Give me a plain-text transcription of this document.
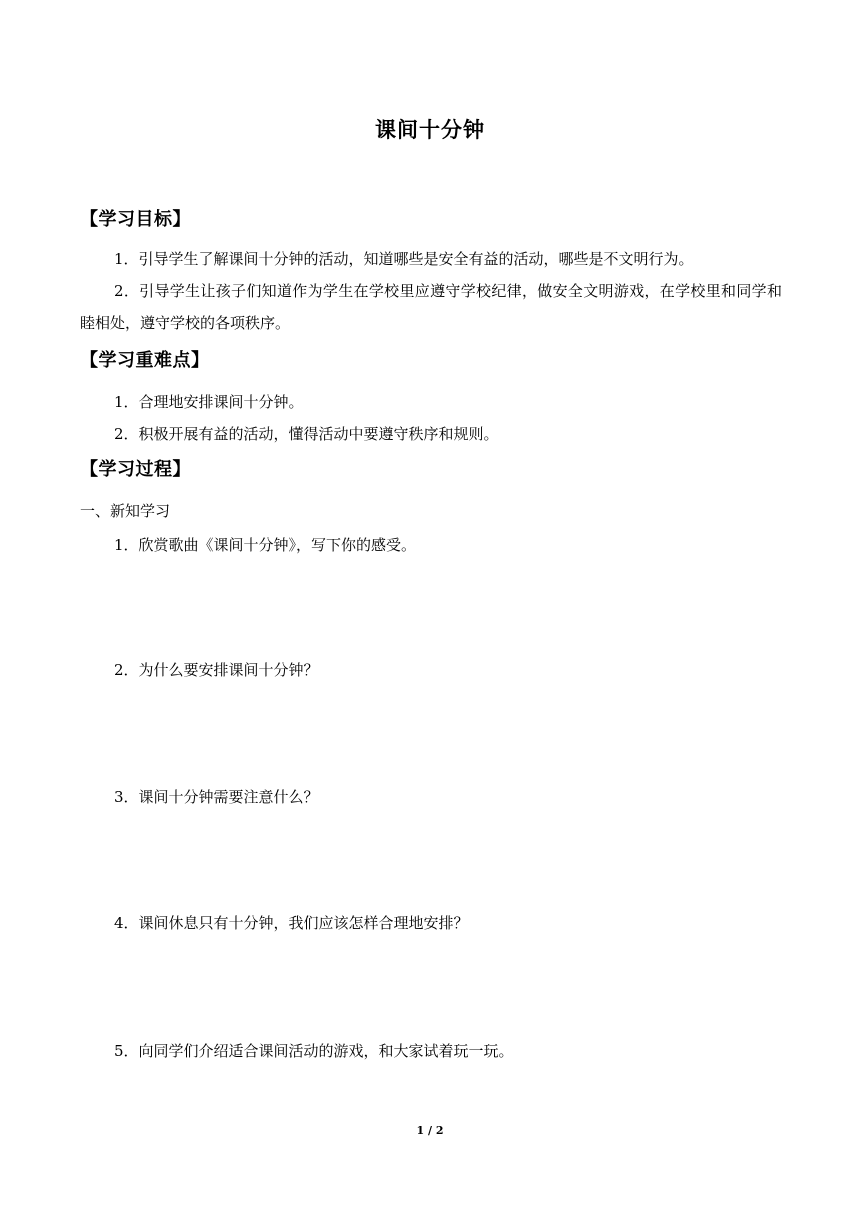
课间十分钟
【学习目标】
1．引导学生了解课间十分钟的活动，知道哪些是安全有益的活动，哪些是不文明行为。
2．引导学生让孩子们知道作为学生在学校里应遵守学校纪律，做安全文明游戏，在学校里和同学和睦相处，遵守学校的各项秩序。
【学习重难点】
1．合理地安排课间十分钟。
2．积极开展有益的活动，懂得活动中要遵守秩序和规则。
【学习过程】
一、新知学习
1．欣赏歌曲《课间十分钟》，写下你的感受。
2．为什么要安排课间十分钟？
3．课间十分钟需要注意什么？
4．课间休息只有十分钟，我们应该怎样合理地安排？
5．向同学们介绍适合课间活动的游戏，和大家试着玩一玩。
1 / 2
